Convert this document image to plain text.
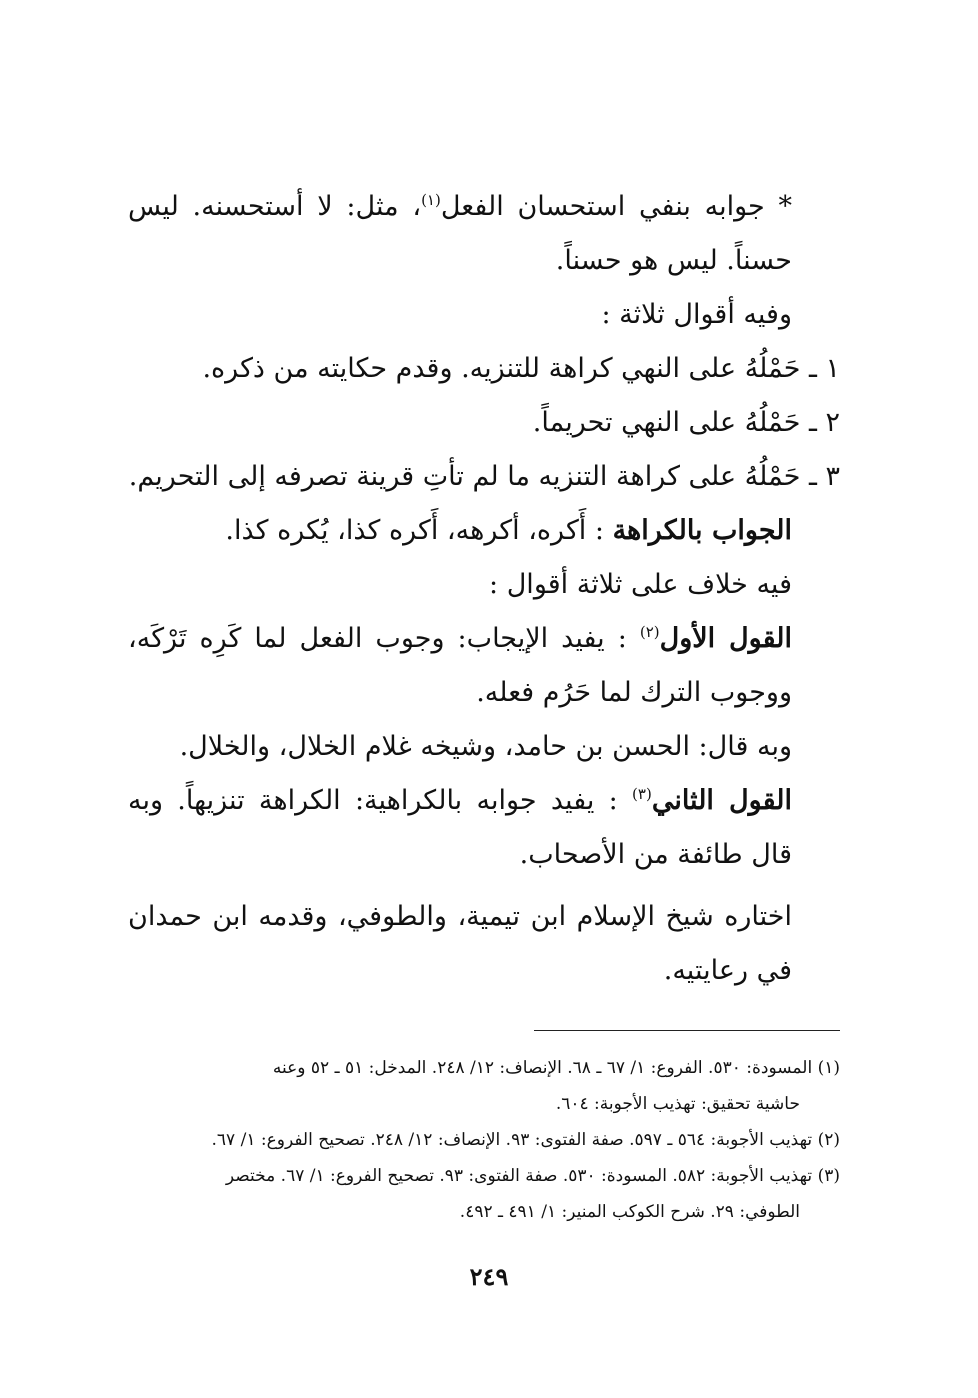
* جوابه بنفي استحسان الفعل$^{(١)}$، مثل: لا أستحسنه. ليس حسناً. ليس هو حسناً.

وفيه أقوال ثلاثة :

١ ـ حَمْلُهُ على النهي كراهة للتنزيه. وقدم حكايته من ذكره.

٢ ـ حَمْلُهُ على النهي تحريماً.

٣ ـ حَمْلُهُ على كراهة التنزيه ما لم تأتِ قرينة تصرفه إلى التحريم.

الجواب بالكراهة : أَكره، أكرهه، أَكره كذا، يُكره كذا.

فيه خلاف على ثلاثة أقوال :

القول الأول$^{(٢)}$ : يفيد الإيجاب: وجوب الفعل لما كَرِه تَرْكَه، ووجوب الترك لما حَرُم فعله.

وبه قال: الحسن بن حامد، وشيخه غلام الخلال، والخلال.

القول الثاني$^{(٣)}$ : يفيد جوابه بالكراهية: الكراهة تنزيهاً. وبه قال طائفة من الأصحاب.

اختاره شيخ الإسلام ابن تيمية، والطوفي، وقدمه ابن حمدان في رعايتيه.

(١) المسودة: ٥٣٠. الفروع: ١/ ٦٧ ـ ٦٨. الإنصاف: ١٢/ ٢٤٨. المدخل: ٥١ ـ ٥٢ وعنه

حاشية تحقيق: تهذيب الأجوبة: ٦٠٤.

(٢) تهذيب الأجوبة: ٥٦٤ ـ ٥٩٧. صفة الفتوى: ٩٣. الإنصاف: ١٢/ ٢٤٨. تصحيح الفروع: ١/ ٦٧.

(٣) تهذيب الأجوبة: ٥٨٢. المسودة: ٥٣٠. صفة الفتوى: ٩٣. تصحيح الفروع: ١/ ٦٧. مختصر

الطوفي: ٢٩. شرح الكوكب المنير: ١/ ٤٩١ ـ ٤٩٢.

٢٤٩
